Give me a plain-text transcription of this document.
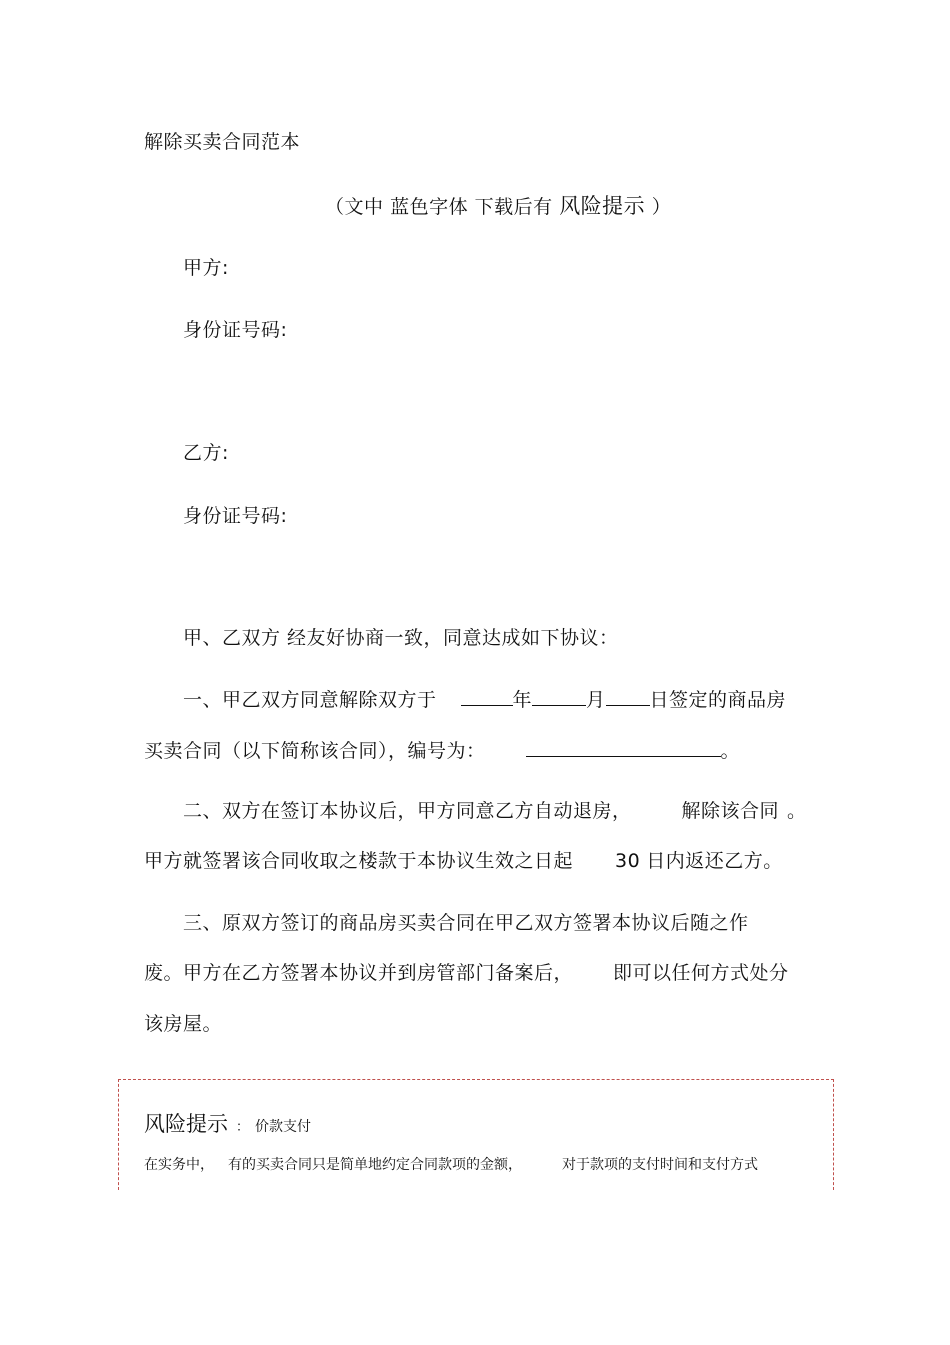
解除买卖合同范本
（文中 蓝色字体 下载后有 风险提示 ）
甲方:
身份证号码:
乙方:
身份证号码:
甲、乙双方 经友好协商一致，同意达成如下协议：
一、甲乙双方同意解除双方于	年	月 日签定的商品房
买卖合同（以下简称该合同），编号为：	。
二、双方在签订本协议后，甲方同意乙方自动退房，	解除该合同 。
甲方就签署该合同收取之楼款于本协议生效之日起 30 日内返还乙方。
三、原双方签订的商品房买卖合同在甲乙双方签署本协议后随之作
废。甲方在乙方签署本协议并到房管部门备案后， 即可以任何方式处分
该房屋。
风险提示 ： 价款支付
在实务中， 有的买卖合同只是简单地约定合同款项的金额，	对于款项的支付时间和支付方式
